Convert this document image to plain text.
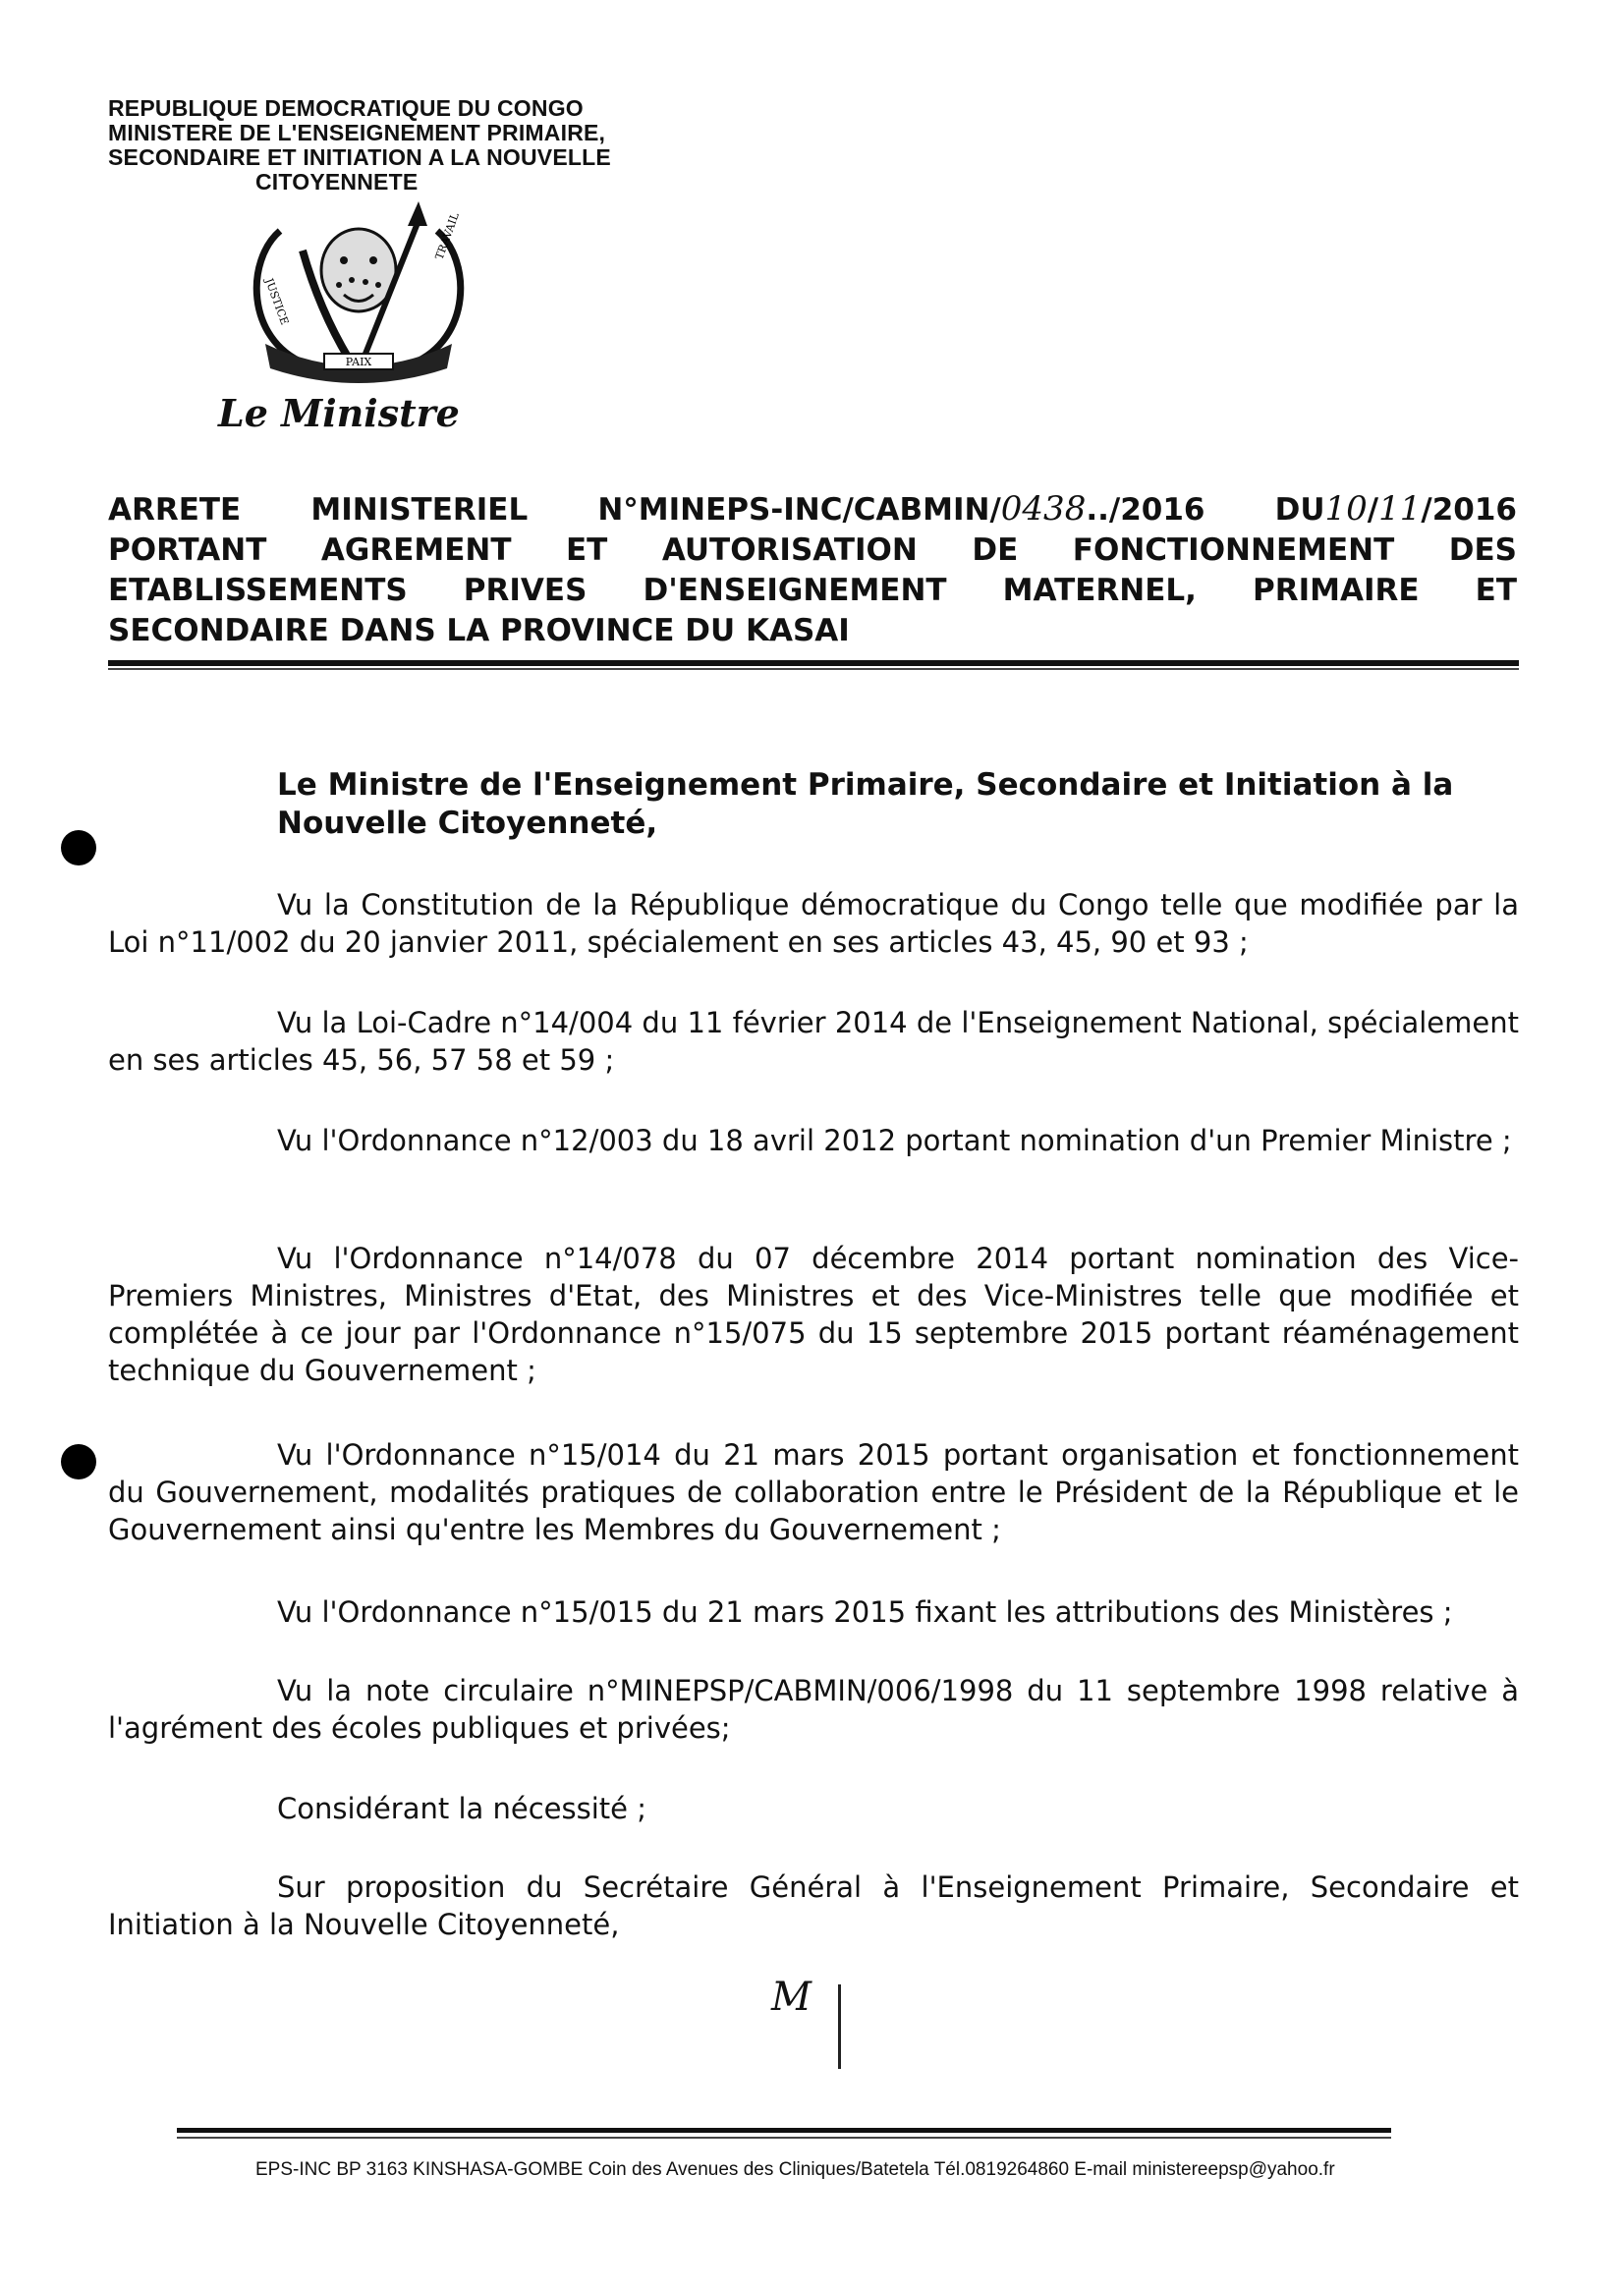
REPUBLIQUE DEMOCRATIQUE DU CONGO
MINISTERE DE L'ENSEIGNEMENT PRIMAIRE,
SECONDAIRE ET INITIATION A LA NOUVELLE
CITOYENNETE
PAIX
JUSTICE
TRAVAIL
Le Ministre
ARRETE MINISTERIEL N°MINEPS-INC/CABMIN/0438../2016 DU10/11/2016
PORTANT AGREMENT ET AUTORISATION DE FONCTIONNEMENT DES
ETABLISSEMENTS PRIVES D'ENSEIGNEMENT MATERNEL, PRIMAIRE ET
SECONDAIRE DANS LA PROVINCE DU KASAI
Le Ministre de l'Enseignement Primaire, Secondaire et Initiation à la Nouvelle Citoyenneté,

Vu la Constitution de la République démocratique du Congo telle que modifiée par la Loi n°11/002 du 20 janvier 2011, spécialement en ses articles 43, 45, 90 et 93 ;

Vu la Loi-Cadre n°14/004 du 11 février 2014 de l'Enseignement National, spécialement en ses articles 45, 56, 57 58 et 59 ;

Vu l'Ordonnance n°12/003 du 18 avril 2012 portant nomination d'un Premier Ministre ;

Vu l'Ordonnance n°14/078 du 07 décembre 2014 portant nomination des Vice-Premiers Ministres, Ministres d'Etat, des Ministres et des Vice-Ministres telle que modifiée et complétée à ce jour par l'Ordonnance n°15/075 du 15 septembre 2015 portant réaménagement technique du Gouvernement ;

Vu l'Ordonnance n°15/014 du 21 mars 2015 portant organisation et fonctionnement du Gouvernement, modalités pratiques de collaboration entre le Président de la République et le Gouvernement ainsi qu'entre les Membres du Gouvernement ;

Vu l'Ordonnance n°15/015 du 21 mars 2015 fixant les attributions des Ministères ;

Vu la note circulaire n°MINEPSP/CABMIN/006/1998 du 11 septembre 1998 relative à l'agrément des écoles publiques et privées;

Considérant la nécessité ;

Sur proposition du Secrétaire Général à l'Enseignement Primaire, Secondaire et Initiation à la Nouvelle Citoyenneté,

M
EPS-INC BP 3163 KINSHASA-GOMBE Coin des Avenues des Cliniques/Batetela Tél.0819264860 E-mail ministereepsp@yahoo.fr
